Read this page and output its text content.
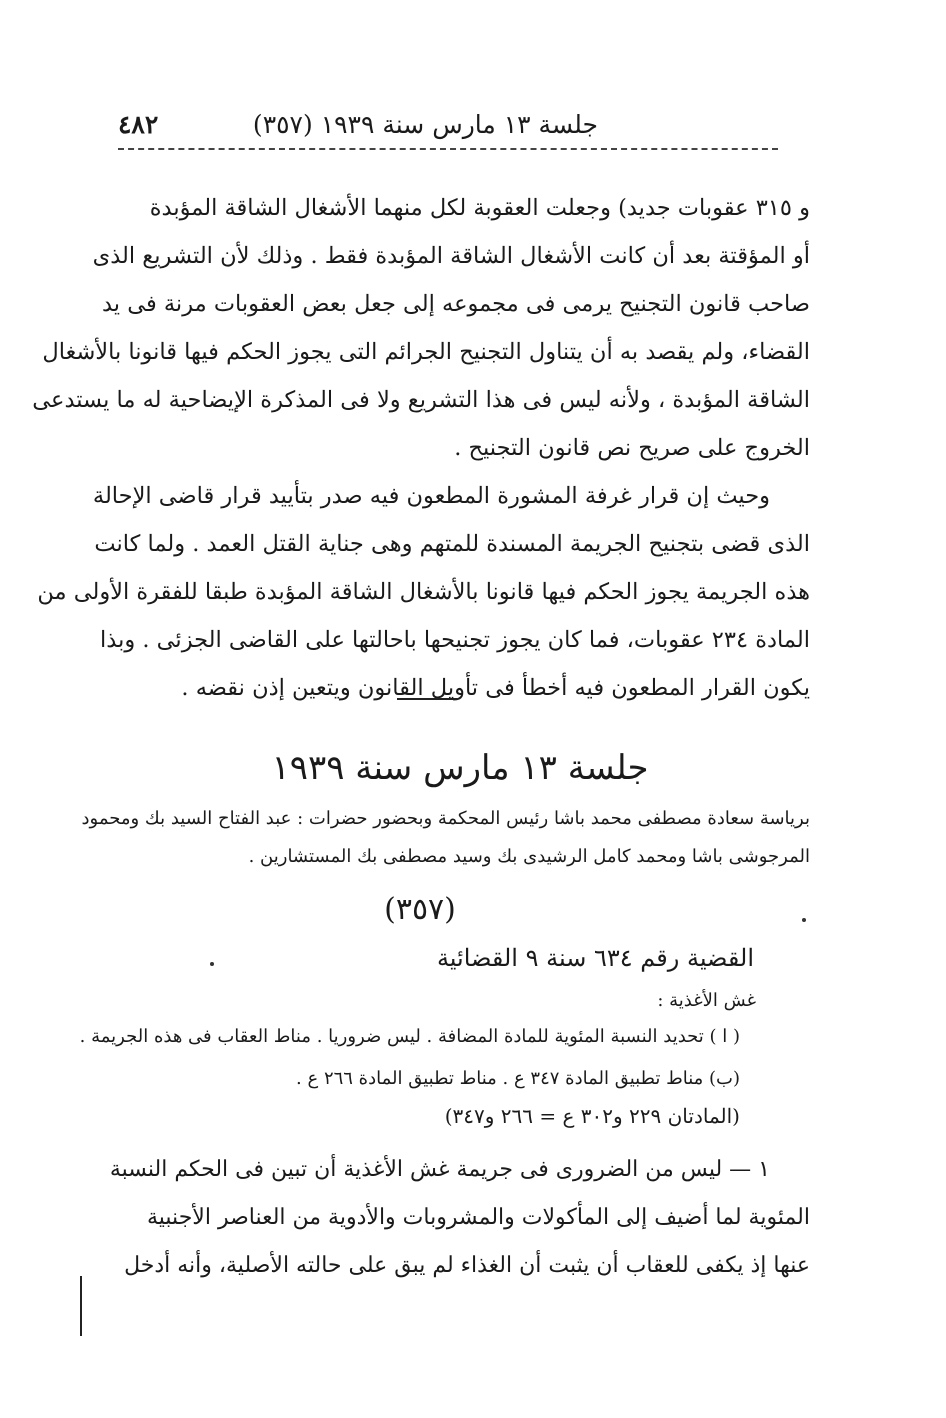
جلسة ١٣ مارس سنة ١٩٣٩ (٣٥٧)
٤٨٢
و ٣١٥ عقوبات جديد) وجعلت العقوبة لكل منهما الأشغال الشاقة المؤبدة
أو المؤقتة بعد أن كانت الأشغال الشاقة المؤبدة فقط . وذلك لأن التشريع الذى
صاحب قانون التجنيح يرمى فى مجموعه إلى جعل بعض العقوبات مرنة فى يد
القضاء، ولم يقصد به أن يتناول التجنيح الجرائم التى يجوز الحكم فيها قانونا بالأشغال
الشاقة المؤبدة ، ولأنه ليس فى هذا التشريع ولا فى المذكرة الإيضاحية له ما يستدعى
الخروج على صريح نص قانون التجنيح .
وحيث إن قرار غرفة المشورة المطعون فيه صدر بتأييد قرار قاضى الإحالة
الذى قضى بتجنيح الجريمة المسندة للمتهم وهى جناية القتل العمد . ولما كانت
هذه الجريمة يجوز الحكم فيها قانونا بالأشغال الشاقة المؤبدة طبقا للفقرة الأولى من
المادة ٢٣٤ عقوبات، فما كان يجوز تجنيحها باحالتها على القاضى الجزئى . وبذا
يكون القرار المطعون فيه أخطأ فى تأويل القانون ويتعين إذن نقضه .
جلسة ١٣ مارس سنة ١٩٣٩
برياسة سعادة مصطفى محمد باشا رئيس المحكمة وبحضور حضرات : عبد الفتاح السيد بك ومحمود
المرجوشى باشا ومحمد كامل الرشيدى بك وسيد مصطفى بك المستشارين .
(٣٥٧)
القضية رقم ٦٣٤ سنة ٩ القضائية
غش الأغذية :
( ا ) تحديد النسبة المئوية للمادة المضافة . ليس ضروريا . مناط العقاب فى هذه الجريمة .
(ب) مناط تطبيق المادة ٣٤٧ ع . مناط تطبيق المادة ٢٦٦ ع .
(المادتان ٢٢٩ و٣٠٢ ع = ٢٦٦ و٣٤٧)
١ — ليس من الضرورى فى جريمة غش الأغذية أن تبين فى الحكم النسبة
المئوية لما أضيف إلى المأكولات والمشروبات والأدوية من العناصر الأجنبية
عنها إذ يكفى للعقاب أن يثبت أن الغذاء لم يبق على حالته الأصلية، وأنه أدخل
